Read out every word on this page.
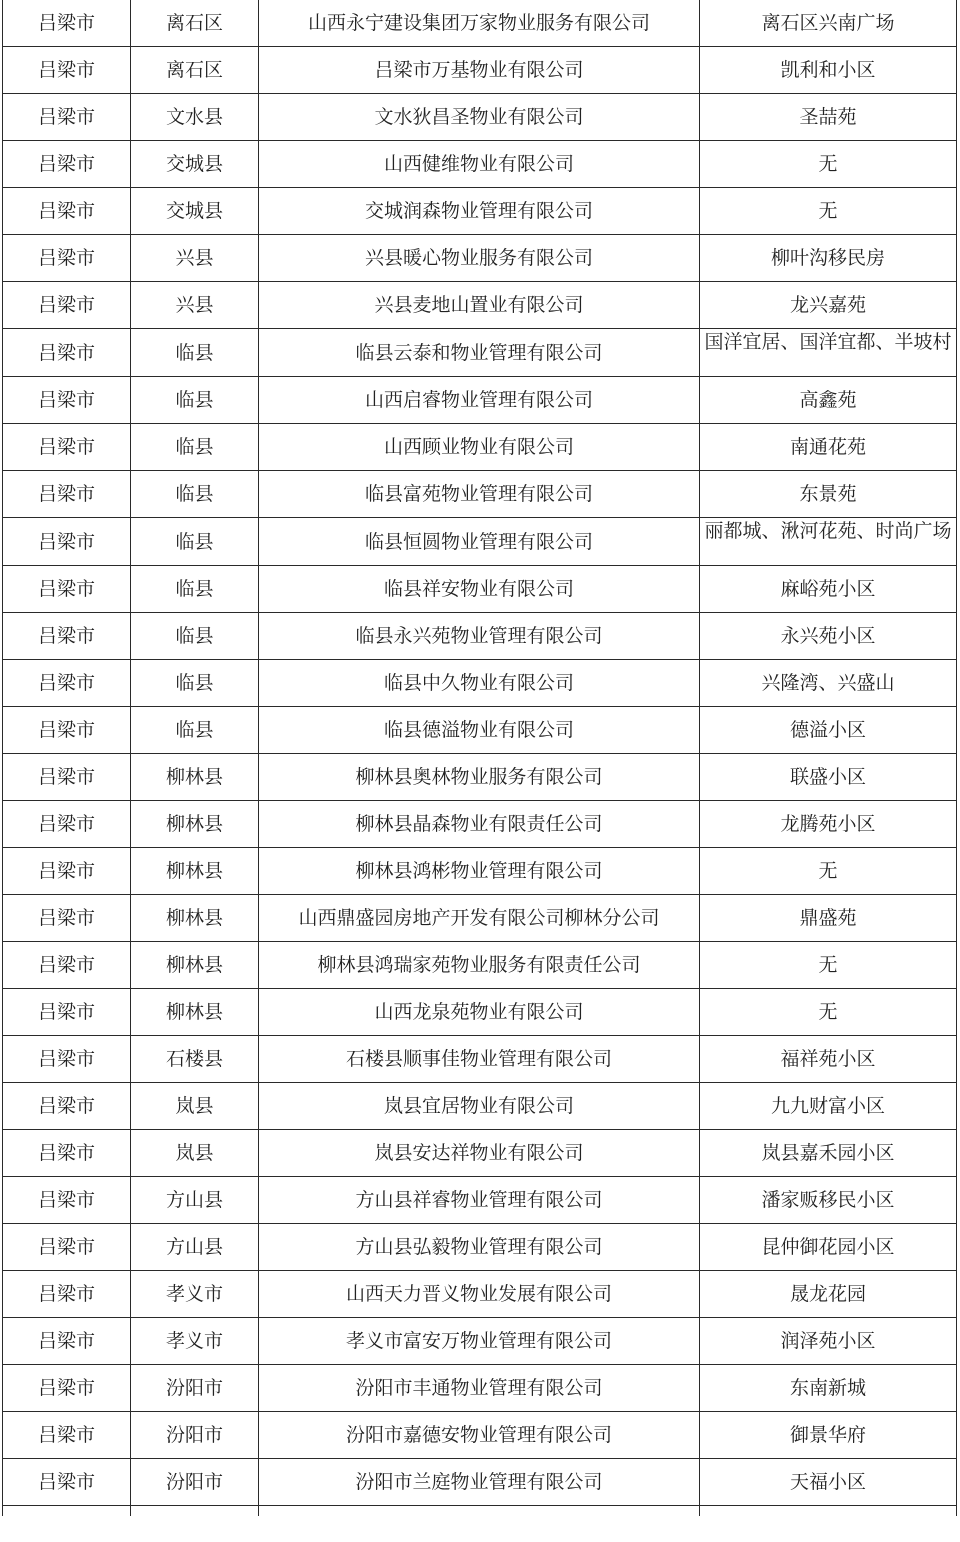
吕梁市	离石区	山西永宁建设集团万家物业服务有限公司	离石区兴南广场
吕梁市	离石区	吕梁市万基物业有限公司	凯利和小区
吕梁市	文水县	文水狄昌圣物业有限公司	圣喆苑
吕梁市	交城县	山西健维物业有限公司	无
吕梁市	交城县	交城润森物业管理有限公司	无
吕梁市	兴县	兴县暖心物业服务有限公司	柳叶沟移民房
吕梁市	兴县	兴县麦地山置业有限公司	龙兴嘉苑
吕梁市	临县	临县云泰和物业管理有限公司	国洋宜居、国洋宜都、半坡村

吕梁市	临县	山西启睿物业管理有限公司	高鑫苑
吕梁市	临县	山西顾业物业有限公司	南通花苑
吕梁市	临县	临县富苑物业管理有限公司	东景苑
吕梁市	临县	临县恒圆物业管理有限公司	丽都城、湫河花苑、时尚广场

吕梁市	临县	临县祥安物业有限公司	麻峪苑小区
吕梁市	临县	临县永兴苑物业管理有限公司	永兴苑小区
吕梁市	临县	临县中久物业有限公司	兴隆湾、兴盛山
吕梁市	临县	临县德溢物业有限公司	德溢小区
吕梁市	柳林县	柳林县奥林物业服务有限公司	联盛小区
吕梁市	柳林县	柳林县晶森物业有限责任公司	龙腾苑小区
吕梁市	柳林县	柳林县鸿彬物业管理有限公司	无
吕梁市	柳林县	山西鼎盛园房地产开发有限公司柳林分公司	鼎盛苑
吕梁市	柳林县	柳林县鸿瑞家苑物业服务有限责任公司	无
吕梁市	柳林县	山西龙泉苑物业有限公司	无
吕梁市	石楼县	石楼县顺事佳物业管理有限公司	福祥苑小区
吕梁市	岚县	岚县宜居物业有限公司	九九财富小区
吕梁市	岚县	岚县安达祥物业有限公司	岚县嘉禾园小区
吕梁市	方山县	方山县祥睿物业管理有限公司	潘家贩移民小区
吕梁市	方山县	方山县弘毅物业管理有限公司	昆仲御花园小区
吕梁市	孝义市	山西天力晋义物业发展有限公司	晟龙花园
吕梁市	孝义市	孝义市富安万物业管理有限公司	润泽苑小区
吕梁市	汾阳市	汾阳市丰通物业管理有限公司	东南新城
吕梁市	汾阳市	汾阳市嘉德安物业管理有限公司	御景华府
吕梁市	汾阳市	汾阳市兰庭物业管理有限公司	天福小区
